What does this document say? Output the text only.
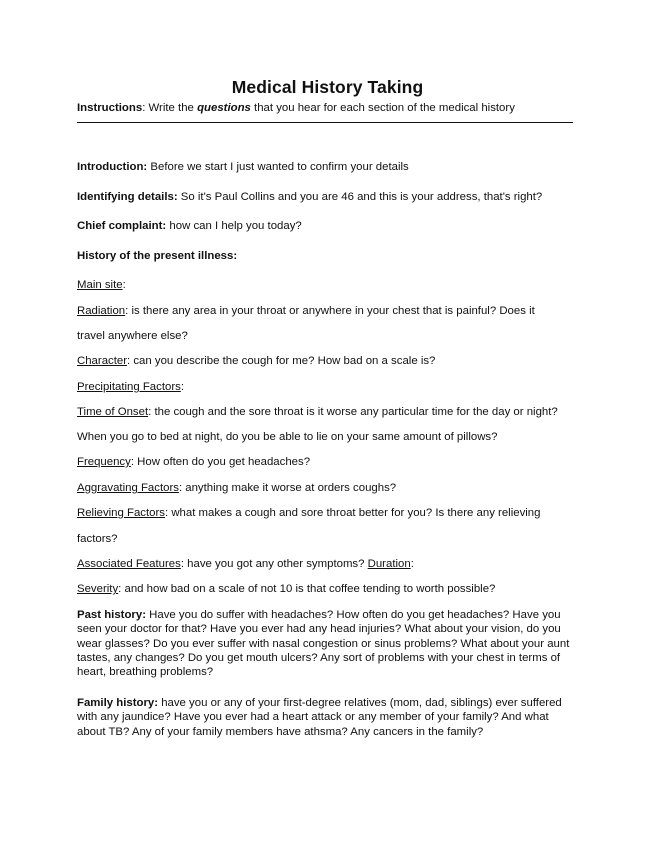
Medical History Taking
Instructions: Write the questions that you hear for each section of the medical history
Introduction: Before we start I just wanted to confirm your details
Identifying details: So it's Paul Collins and you are 46 and this is your address, that's right?
Chief complaint: how can I help you today?
History of the present illness:
Main site:
Radiation: is there any area in your throat or anywhere in your chest that is painful? Does it
travel anywhere else?
Character: can you describe the cough for me? How bad on a scale is?
Precipitating Factors:
Time of Onset: the cough and the sore throat is it worse any particular time for the day or night?
When you go to bed at night, do you be able to lie on your same amount of pillows?
Frequency: How often do you get headaches?
Aggravating Factors: anything make it worse at orders coughs?
Relieving Factors: what makes a cough and sore throat better for you? Is there any relieving
factors?
Associated Features: have you got any other symptoms? Duration:
Severity: and how bad on a scale of not 10 is that coffee tending to worth possible?
Past history: Have you do suffer with headaches? How often do you get headaches? Have you seen your doctor for that? Have you ever had any head injuries? What about your vision, do you wear glasses? Do you ever suffer with nasal congestion or sinus problems? What about your aunt tastes, any changes? Do you get mouth ulcers? Any sort of problems with your chest in terms of heart, breathing problems?
Family history: have you or any of your first-degree relatives (mom, dad, siblings) ever suffered with any jaundice? Have you ever had a heart attack or any member of your family? And what about TB? Any of your family members have athsma? Any cancers in the family?
